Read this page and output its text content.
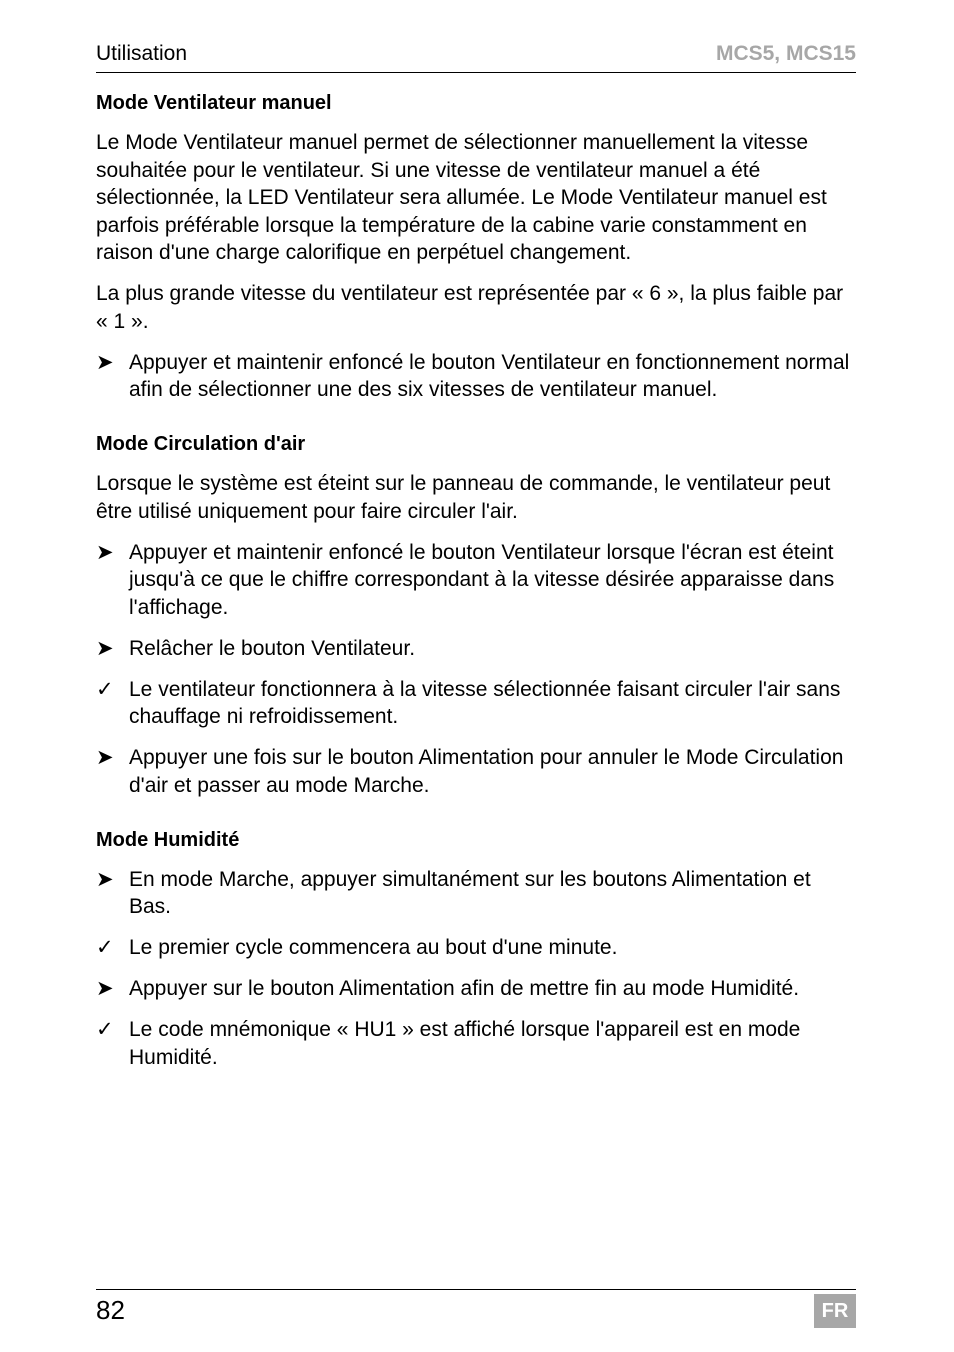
Utilisation	MCS5, MCS15
Mode Ventilateur manuel

Le Mode Ventilateur manuel permet de sélectionner manuellement la vitesse souhaitée pour le ventilateur. Si une vitesse de ventilateur manuel a été sélectionnée, la LED Ventilateur sera allumée. Le Mode Ventilateur manuel est parfois préférable lorsque la température de la cabine varie constamment en raison d'une charge calorifique en perpétuel changement.

La plus grande vitesse du ventilateur est représentée par « 6 », la plus faible par « 1 ».

➤ Appuyer et maintenir enfoncé le bouton Ventilateur en fonctionnement normal afin de sélectionner une des six vitesses de ventilateur manuel.
Mode Circulation d'air

Lorsque le système est éteint sur le panneau de commande, le ventilateur peut être utilisé uniquement pour faire circuler l'air.

➤ Appuyer et maintenir enfoncé le bouton Ventilateur lorsque l'écran est éteint jusqu'à ce que le chiffre correspondant à la vitesse désirée apparaisse dans l'affichage.
➤ Relâcher le bouton Ventilateur.
✓ Le ventilateur fonctionnera à la vitesse sélectionnée faisant circuler l'air sans chauffage ni refroidissement.
➤ Appuyer une fois sur le bouton Alimentation pour annuler le Mode Circulation d'air et passer au mode Marche.
Mode Humidité
➤ En mode Marche, appuyer simultanément sur les boutons Alimentation et Bas.
✓ Le premier cycle commencera au bout d'une minute.
➤ Appuyer sur le bouton Alimentation afin de mettre fin au mode Humidité.
✓ Le code mnémonique « HU1 » est affiché lorsque l'appareil est en mode Humidité.
82	FR
